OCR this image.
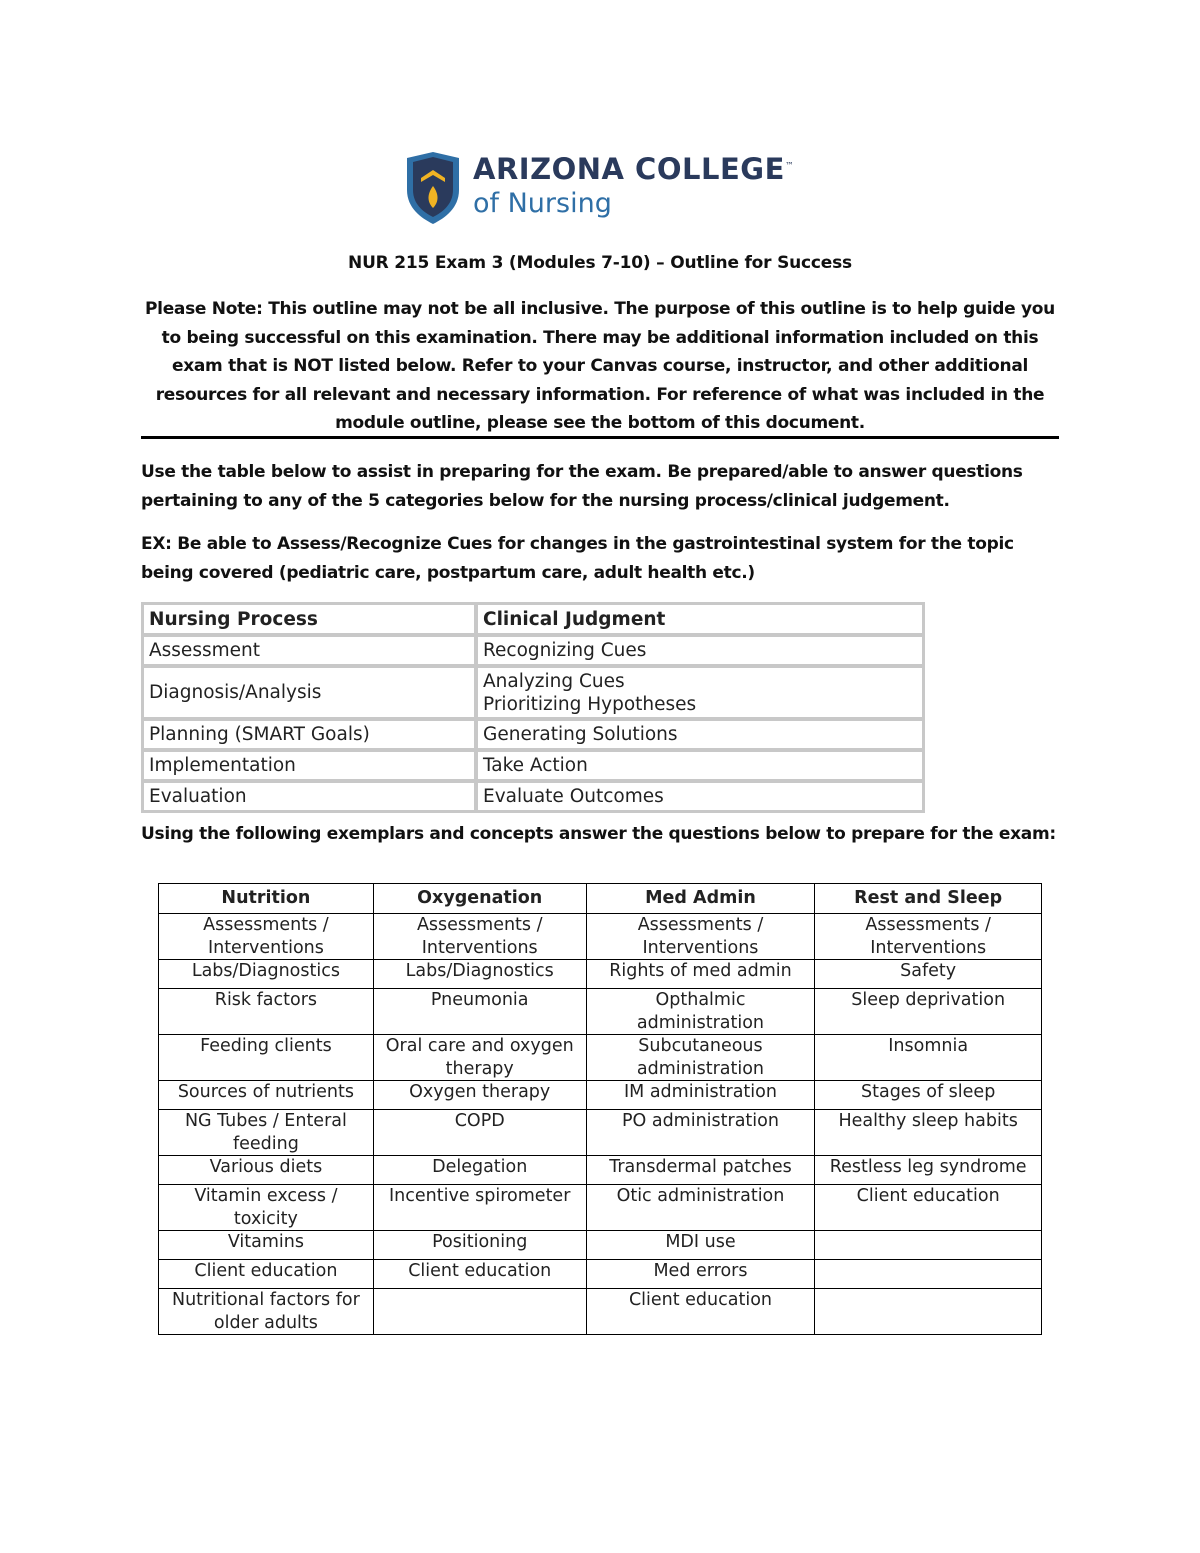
ARIZONA COLLEGE™
of Nursing
NUR 215 Exam 3 (Modules 7-10) – Outline for Success
Please Note: This outline may not be all inclusive. The purpose of this outline is to help guide you to being successful on this examination. There may be additional information included on this exam that is NOT listed below. Refer to your Canvas course, instructor, and other additional resources for all relevant and necessary information. For reference of what was included in the module outline, please see the bottom of this document.
Use the table below to assist in preparing for the exam. Be prepared/able to answer questions pertaining to any of the 5 categories below for the nursing process/clinical judgement.
EX: Be able to Assess/Recognize Cues for changes in the gastrointestinal system for the topic being covered (pediatric care, postpartum care, adult health etc.)
Nursing Process	Clinical Judgment
Assessment	Recognizing Cues
Diagnosis/Analysis	Analyzing Cues
Prioritizing Hypotheses

Planning (SMART Goals)	Generating Solutions
Implementation	Take Action
Evaluation	Evaluate Outcomes
Using the following exemplars and concepts answer the questions below to prepare for the exam:
Nutrition	Oxygenation	Med Admin	Rest and Sleep
Assessments / Interventions	Assessments / Interventions	Assessments / Interventions	Assessments / Interventions
Labs/Diagnostics	Labs/Diagnostics	Rights of med admin	Safety
Risk factors	Pneumonia	Opthalmic administration	Sleep deprivation
Feeding clients	Oral care and oxygen therapy	Subcutaneous administration	Insomnia
Sources of nutrients	Oxygen therapy	IM administration	Stages of sleep
NG Tubes / Enteral feeding	COPD	PO administration	Healthy sleep habits
Various diets	Delegation	Transdermal patches	Restless leg syndrome
Vitamin excess / toxicity	Incentive spirometer	Otic administration	Client education
Vitamins	Positioning	MDI use	
Client education	Client education	Med errors	
Nutritional factors for older adults		Client education	
